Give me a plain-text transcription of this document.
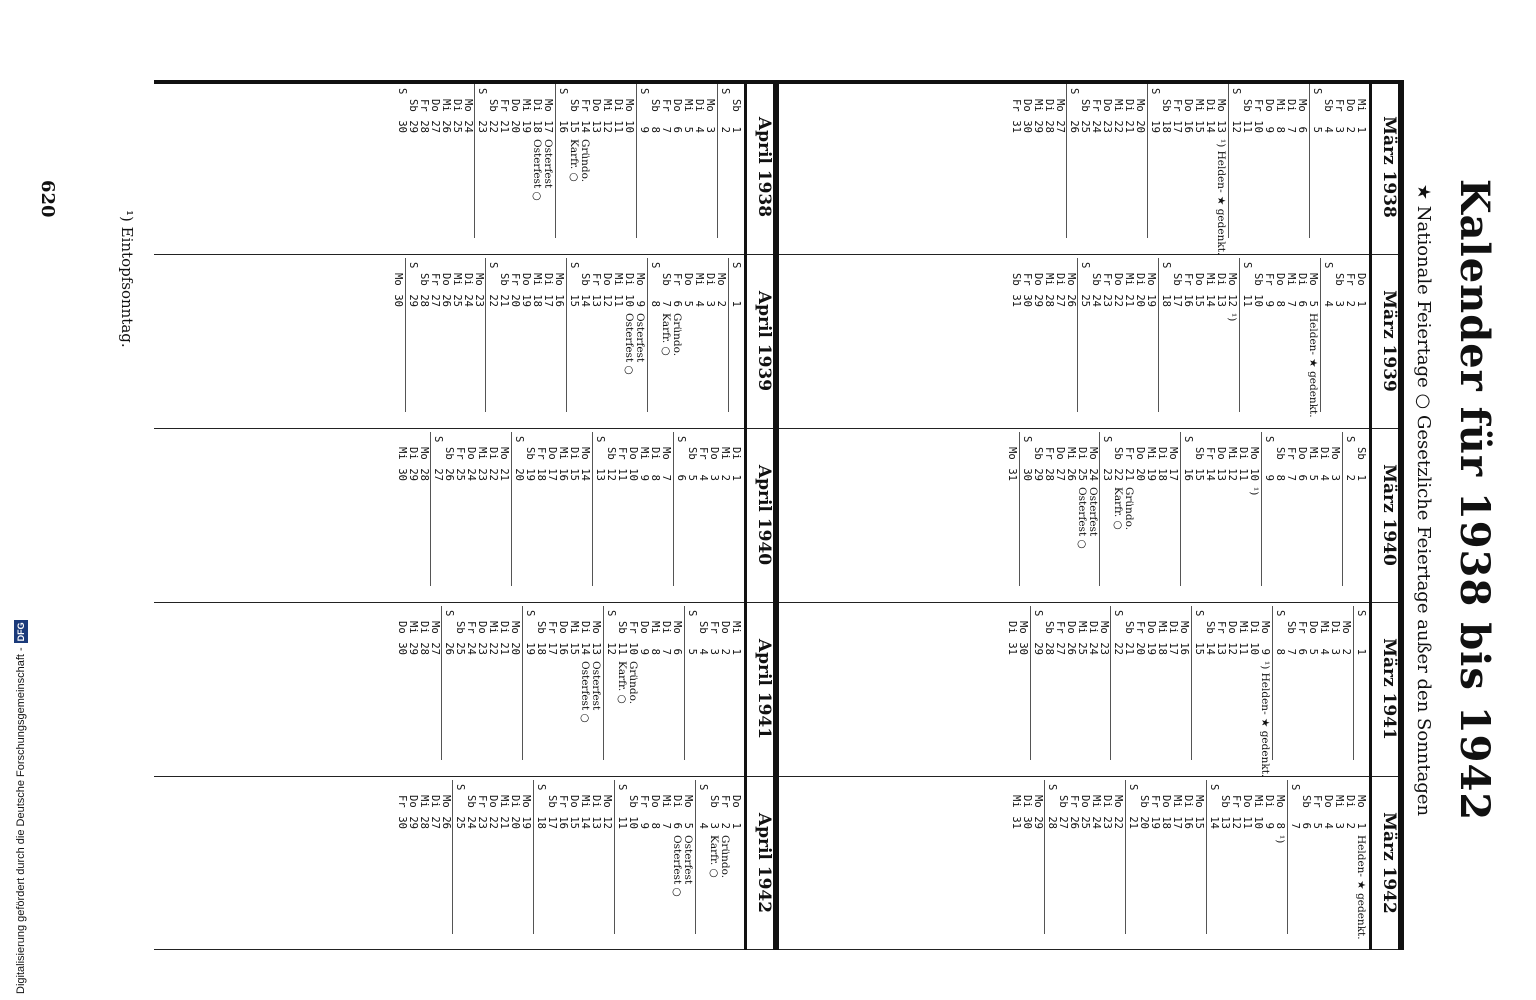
Kalender für 1938 bis 1942
★ Nationale Feiertage ○ Gesetzliche Feiertage außer den Sonntagen
März 1938
Mi1
Do2
Fr3
Sb4
S5
Mo6
Di7
Mi8
Do9
Fr10
Sb11
S12
Mo13¹) Helden- ★ gedenkt.
Di14
Mi15
Do16
Fr17
Sb18
S19
Mo20
Di21
Mi22
Do23
Fr24
Sb25
S26
Mo27
Di28
Mi29
Do30
Fr31
April 1938
Sb1
S2
Mo3
Di4
Mi5
Do6
Fr7
Sb8
S9
Mo10
Di11
Mi12
Do13
Fr14Gründo.
Sb15Karfr. ○
S16
Mo17Osterfest
Di18Osterfest ○
Mi19
Do20
Fr21
Sb22
S23
Mo24
Di25
Mi26
Do27
Fr28
Sb29
S30
März 1939
Do1
Fr2
Sb3
S4
Mo5Helden- ★ gedenkt.
Di6
Mi7
Do8
Fr9
Sb10
S11
Mo12¹)
Di13
Mi14
Do15
Fr16
Sb17
S18
Mo19
Di20
Mi21
Do22
Fr23
Sb24
S25
Mo26
Di27
Mi28
Do29
Fr30
Sb31
April 1939
S1
Mo2
Di3
Mi4
Do5
Fr6Gründo.
Sb7Karfr. ○
S8
Mo9Osterfest
Di10Osterfest ○
Mi11
Do12
Fr13
Sb14
S15
Mo16
Di17
Mi18
Do19
Fr20
Sb21
S22
Mo23
Di24
Mi25
Do26
Fr27
Sb28
S29
Mo30
März 1940
Sb1
S2
Mo3
Di4
Mi5
Do6
Fr7
Sb8
S9
Mo10¹)
Di11
Mi12
Do13
Fr14
Sb15
S16
Mo17
Di18
Mi19
Do20
Fr21Gründo.
Sb22Karfr. ○
S23
Mo24Osterfest
Di25Osterfest ○
Mi26
Do27
Fr28
Sb29
S30
Mo31
April 1940
Di1
Mi2
Do3
Fr4
Sb5
S6
Mo7
Di8
Mi9
Do10
Fr11
Sb12
S13
Mo14
Di15
Mi16
Do17
Fr18
Sb19
S20
Mo21
Di22
Mi23
Do24
Fr25
Sb26
S27
Mo28
Di29
Mi30
März 1941
S1
Mo2
Di3
Mi4
Do5
Fr6
Sb7
S8
Mo9¹) Helden- ★ gedenkt.
Di10
Mi11
Do12
Fr13
Sb14
S15
Mo16
Di17
Mi18
Do19
Fr20
Sb21
S22
Mo23
Di24
Mi25
Do26
Fr27
Sb28
S29
Mo30
Di31
April 1941
Mi1
Do2
Fr3
Sb4
S5
Mo6
Di7
Mi8
Do9
Fr10Gründo.
Sb11Karfr. ○
S12
Mo13Osterfest
Di14Osterfest ○
Mi15
Do16
Fr17
Sb18
S19
Mo20
Di21
Mi22
Do23
Fr24
Sb25
S26
Mo27
Di28
Mi29
Do30
März 1942
Mo1Helden- ★ gedenkt.
Di2
Mi3
Do4
Fr5
Sb6
S7
Mo8¹)
Di9
Mi10
Do11
Fr12
Sb13
S14
Mo15
Di16
Mi17
Do18
Fr19
Sb20
S21
Mo22
Di23
Mi24
Do25
Fr26
Sb27
S28
Mo29
Di30
Mi31
April 1942
Do1
Fr2Gründo.
Sb3Karfr. ○
S4
Mo5Osterfest
Di6Osterfest ○
Mi7
Do8
Fr9
Sb10
S11
Mo12
Di13
Mi14
Do15
Fr16
Sb17
S18
Mo19
Di20
Mi21
Do22
Fr23
Sb24
S25
Mo26
Di27
Mi28
Do29
Fr30
¹) Eintopfsonntag.
620
Digitalisierung gefördert durch die Deutsche Forschungsgemeinschaft -DFG
